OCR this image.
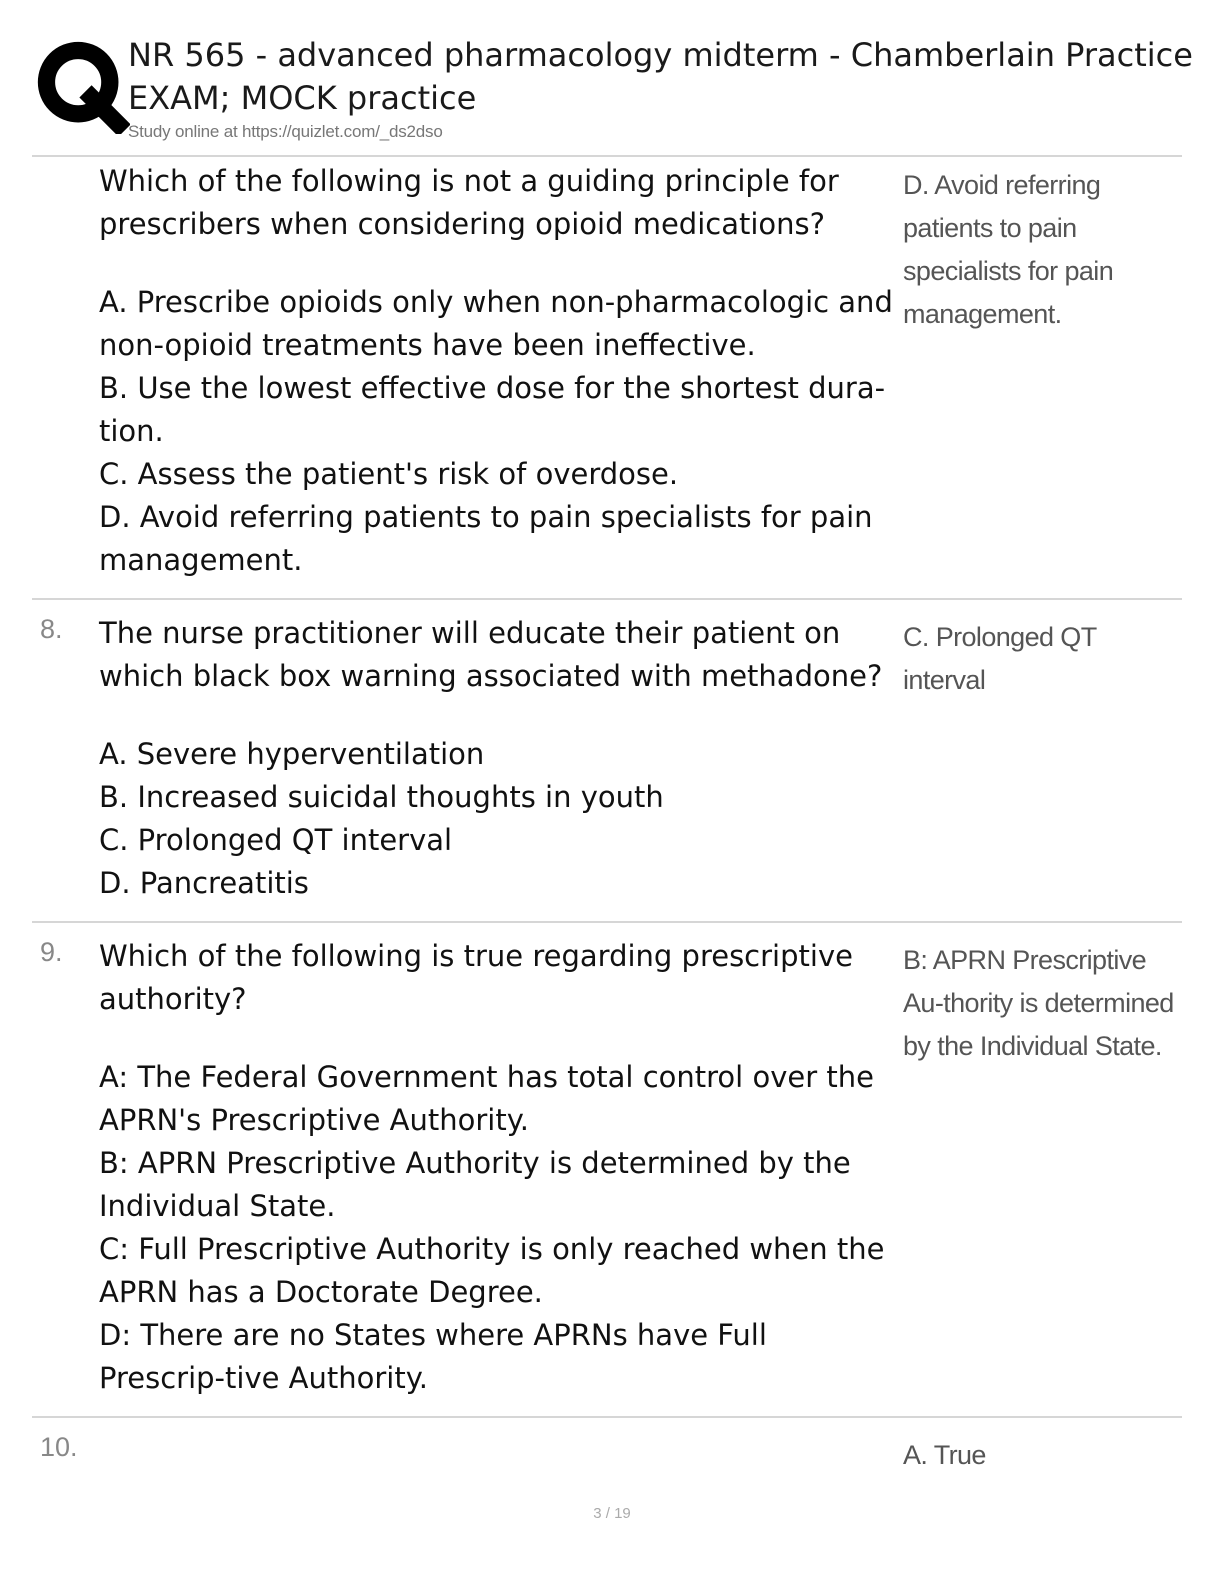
NR 565 - advanced pharmacology midterm - Chamberlain Practice EXAM; MOCK practice
Study online at https://quizlet.com/_ds2dso

Which of the following is not a guiding principle for prescribers when considering opioid medications?

A. Prescribe opioids only when non-pharmacologic and non-opioid treatments have been ineffective.
B. Use the lowest effective dose for the shortest dura-tion.
C. Assess the patient's risk of overdose.
D. Avoid referring patients to pain specialists for pain management.

D. Avoid referring patients to pain specialists for pain management.
8. The nurse practitioner will educate their patient on which black box warning associated with methadone?

A. Severe hyperventilation
B. Increased suicidal thoughts in youth
C. Prolonged QT interval
D. Pancreatitis

C. Prolonged QT interval
9. Which of the following is true regarding prescriptive authority?

A: The Federal Government has total control over the APRN's Prescriptive Authority.
B: APRN Prescriptive Authority is determined by the Individual State.
C: Full Prescriptive Authority is only reached when the APRN has a Doctorate Degree.
D: There are no States where APRNs have Full Prescrip-tive Authority.

B: APRN Prescriptive Au-thority is determined by the Individual State.
10.	A. True
3 / 19
